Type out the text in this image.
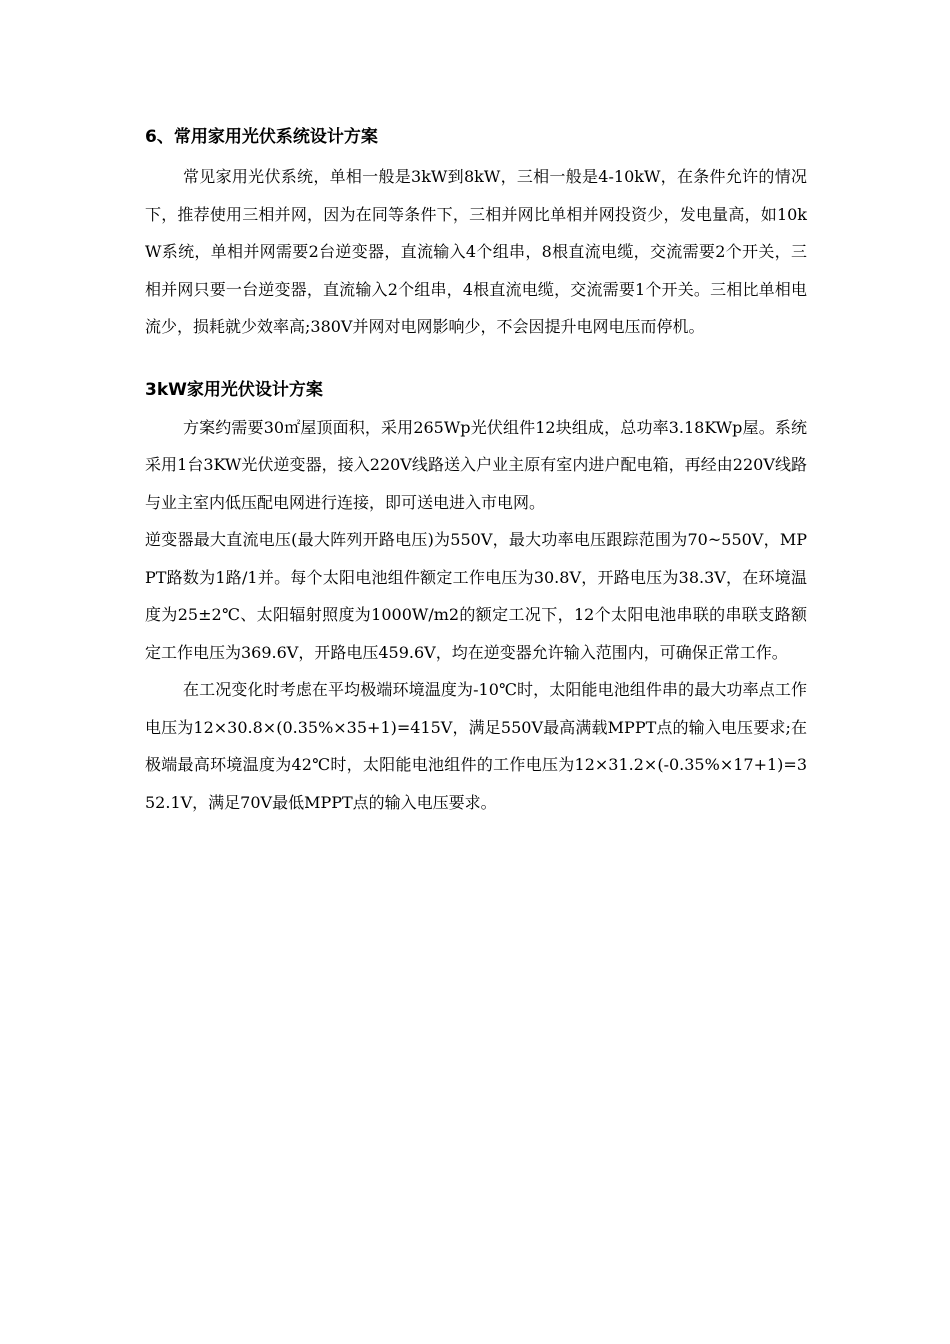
6、常用家用光伏系统设计方案

常见家用光伏系统，单相一般是3kW到8kW，三相一般是4-10kW，在条件允许的情况下，推荐使用三相并网，因为在同等条件下，三相并网比单相并网投资少，发电量高，如10kW系统，单相并网需要2台逆变器，直流输入4个组串，8根直流电缆，交流需要2个开关，三相并网只要一台逆变器，直流输入2个组串，4根直流电缆，交流需要1个开关。三相比单相电流少，损耗就少效率高;380V并网对电网影响少，不会因提升电网电压而停机。

3kW家用光伏设计方案

方案约需要30㎡屋顶面积，采用265Wp光伏组件12块组成，总功率3.18KWp屋。系统采用1台3KW光伏逆变器，接入220V线路送入户业主原有室内进户配电箱，再经由220V线路与业主室内低压配电网进行连接，即可送电进入市电网。

逆变器最大直流电压(最大阵列开路电压)为550V，最大功率电压跟踪范围为70~550V，MPPT路数为1路/1并。每个太阳电池组件额定工作电压为30.8V，开路电压为38.3V，在环境温度为25±2℃、太阳辐射照度为1000W/m2的额定工况下，12个太阳电池串联的串联支路额定工作电压为369.6V，开路电压459.6V，均在逆变器允许输入范围内，可确保正常工作。

在工况变化时考虑在平均极端环境温度为-10℃时，太阳能电池组件串的最大功率点工作电压为12×30.8×(0.35%×35+1)=415V，满足550V最高满载MPPT点的输入电压要求;在极端最高环境温度为42℃时，太阳能电池组件的工作电压为12×31.2×(-0.35%×17+1)=352.1V，满足70V最低MPPT点的输入电压要求。
